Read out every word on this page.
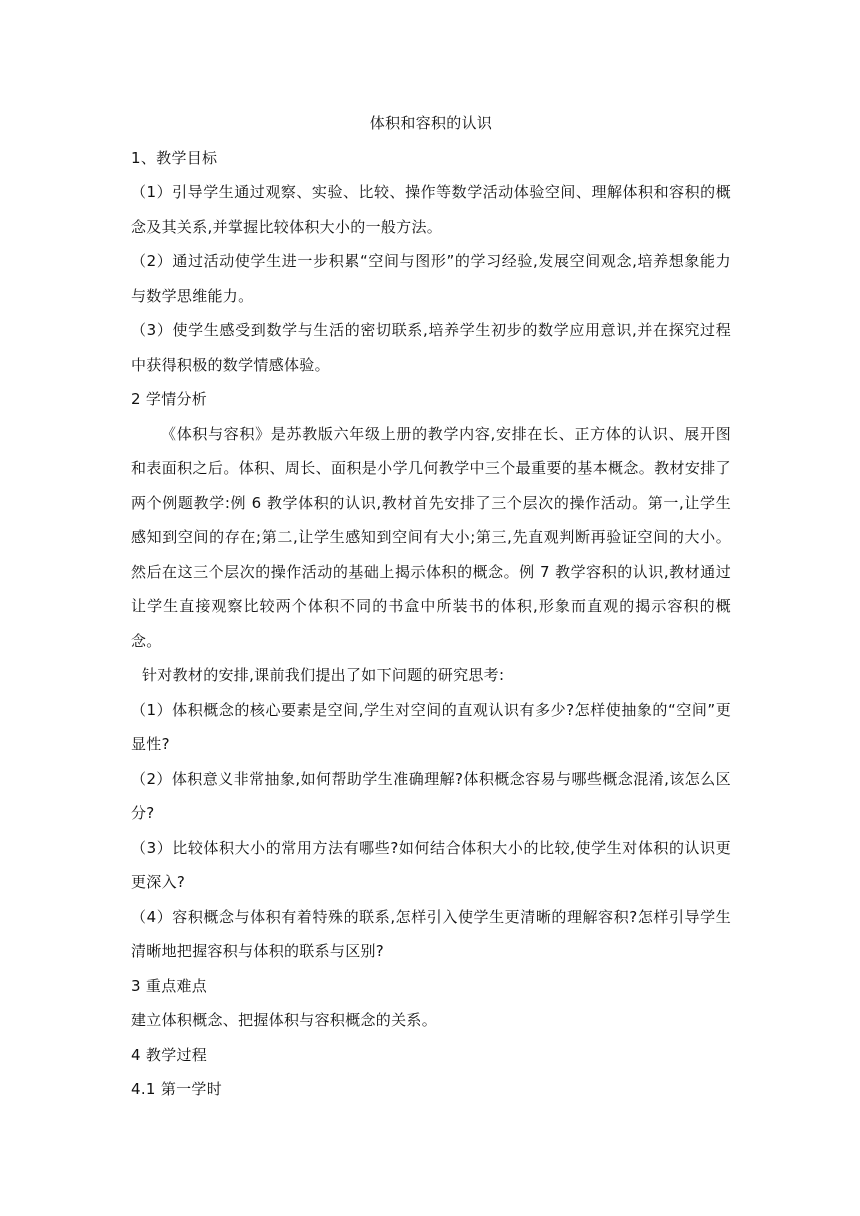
体积和容积的认识

1、教学目标

（1）引导学生通过观察、实验、比较、操作等数学活动体验空间、理解体积和容积的概念及其关系,并掌握比较体积大小的一般方法。

（2）通过活动使学生进一步积累“空间与图形”的学习经验,发展空间观念,培养想象能力与数学思维能力。

（3）使学生感受到数学与生活的密切联系,培养学生初步的数学应用意识,并在探究过程中获得积极的数学情感体验。

2 学情分析

《体积与容积》是苏教版六年级上册的教学内容,安排在长、正方体的认识、展开图和表面积之后。体积、周长、面积是小学几何教学中三个最重要的基本概念。教材安排了两个例题教学:例 6 教学体积的认识,教材首先安排了三个层次的操作活动。第一,让学生感知到空间的存在;第二,让学生感知到空间有大小;第三,先直观判断再验证空间的大小。然后在这三个层次的操作活动的基础上揭示体积的概念。例 7 教学容积的认识,教材通过让学生直接观察比较两个体积不同的书盒中所装书的体积,形象而直观的揭示容积的概念。

针对教材的安排,课前我们提出了如下问题的研究思考:

（1）体积概念的核心要素是空间,学生对空间的直观认识有多少?怎样使抽象的“空间”更显性?

（2）体积意义非常抽象,如何帮助学生准确理解?体积概念容易与哪些概念混淆,该怎么区分?

（3）比较体积大小的常用方法有哪些?如何结合体积大小的比较,使学生对体积的认识更更深入?

（4）容积概念与体积有着特殊的联系,怎样引入使学生更清晰的理解容积?怎样引导学生清晰地把握容积与体积的联系与区别?

3 重点难点

建立体积概念、把握体积与容积概念的关系。

4 教学过程

4.1 第一学时
